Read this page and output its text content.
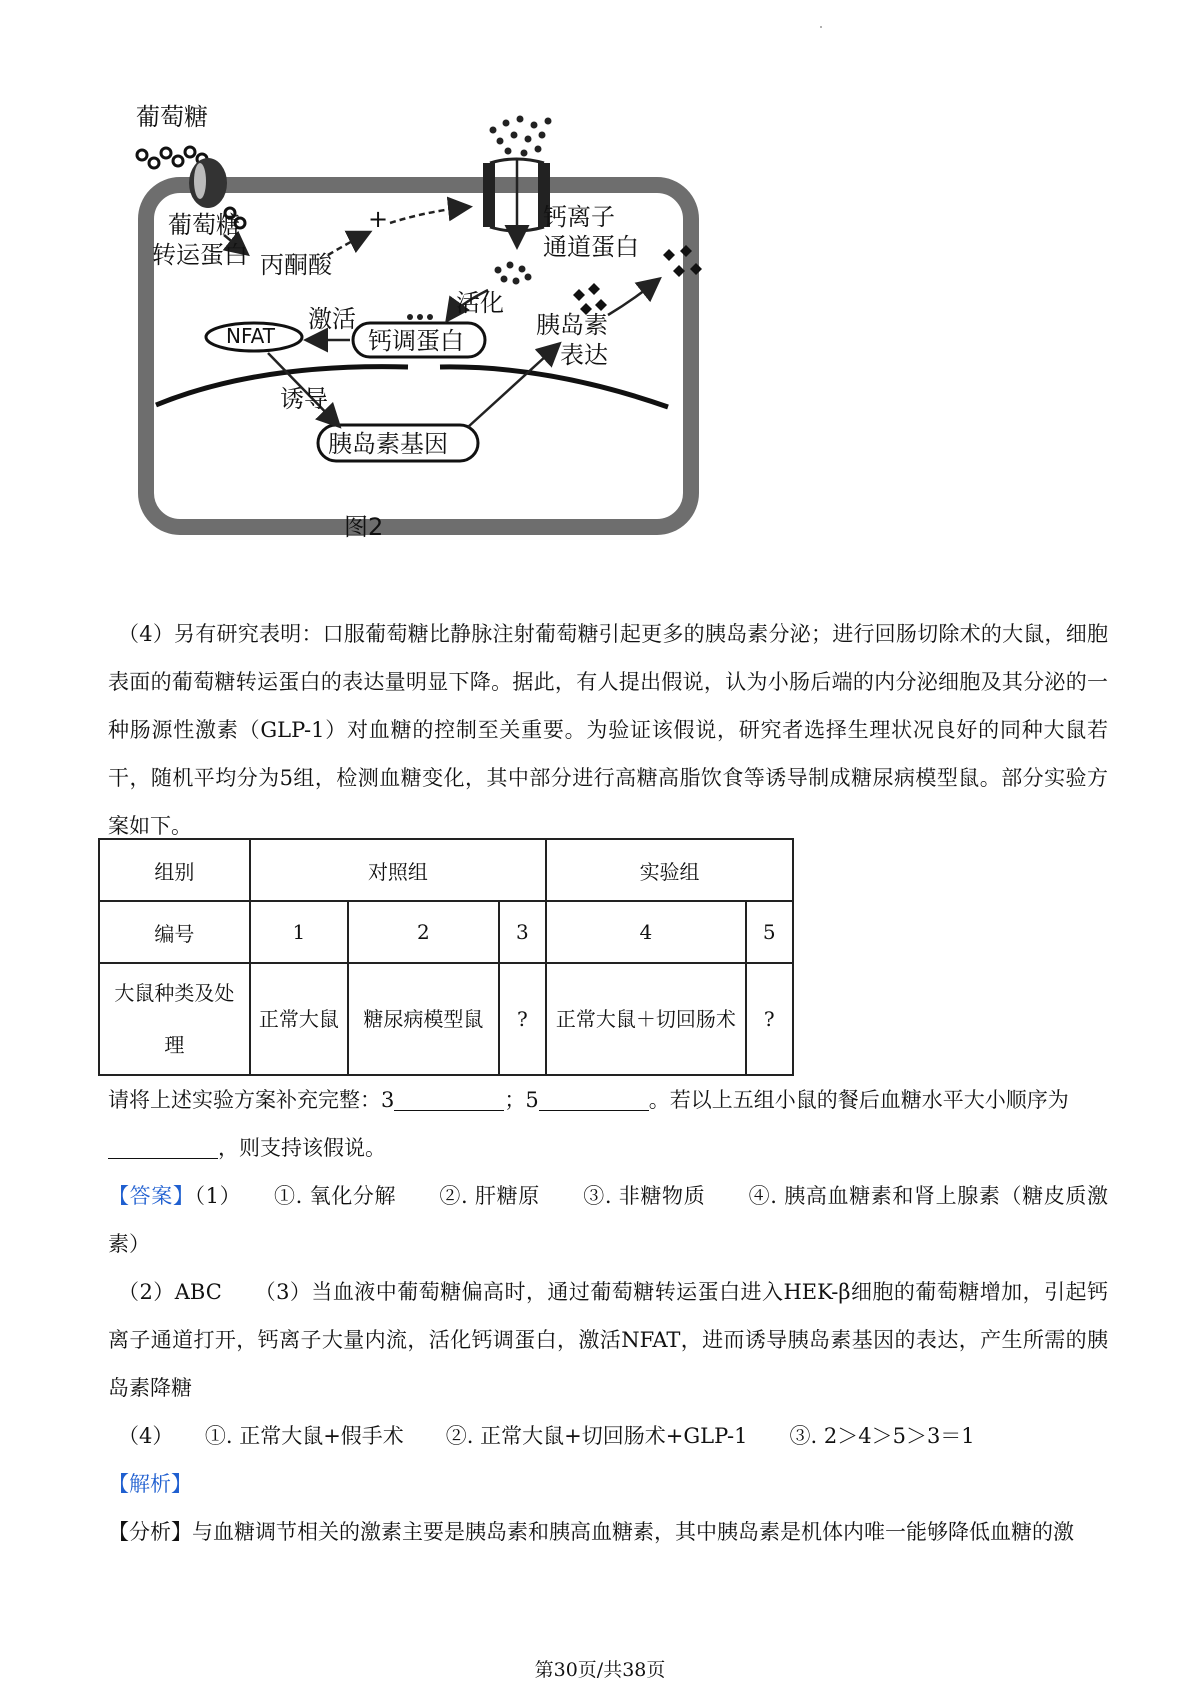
葡萄糖
葡萄糖
转运蛋白 丙酮酸
+	钙离子
通道蛋白
活化
激活
NFAT	钙调蛋白
胰岛素
表达
诱导
胰岛素基因
图2

（4）另有研究表明：口服葡萄糖比静脉注射葡萄糖引起更多的胰岛素分泌；进行回肠切除术的大鼠，细胞表面的葡萄糖转运蛋白的表达量明显下降。据此，有人提出假说，认为小肠后端的内分泌细胞及其分泌的一种肠源性激素（GLP-1）对血糖的控制至关重要。为验证该假说，研究者选择生理状况良好的同种大鼠若干，随机平均分为5组，检测血糖变化，其中部分进行高糖高脂饮食等诱导制成糖尿病模型鼠。部分实验方案如下。

组别	对照组			实验组	
编号	1	2	3	4	5
大鼠种类及处理	正常大鼠	糖尿病模型鼠	?	正常大鼠＋切回肠术	?

请将上述实验方案补充完整：3	；5	。若以上五组小鼠的餐后血糖水平大小顺序为
，则支持该假说。

【答案】（1）　　①. 氧化分解　　②. 肝糖原　　③. 非糖物质　　④. 胰高血糖素和肾上腺素（糖皮质激素）

（2）ABC　　（3）当血液中葡萄糖偏高时，通过葡萄糖转运蛋白进入HEK-β细胞的葡萄糖增加，引起钙离子通道打开，钙离子大量内流，活化钙调蛋白，激活NFAT，进而诱导胰岛素基因的表达，产生所需的胰岛素降糖

（4）　　①. 正常大鼠+假手术　　②. 正常大鼠+切回肠术+GLP-1　　③. 2＞4＞5＞3＝1

【解析】

【分析】与血糖调节相关的激素主要是胰岛素和胰高血糖素，其中胰岛素是机体内唯一能够降低血糖的激

第30页/共38页
